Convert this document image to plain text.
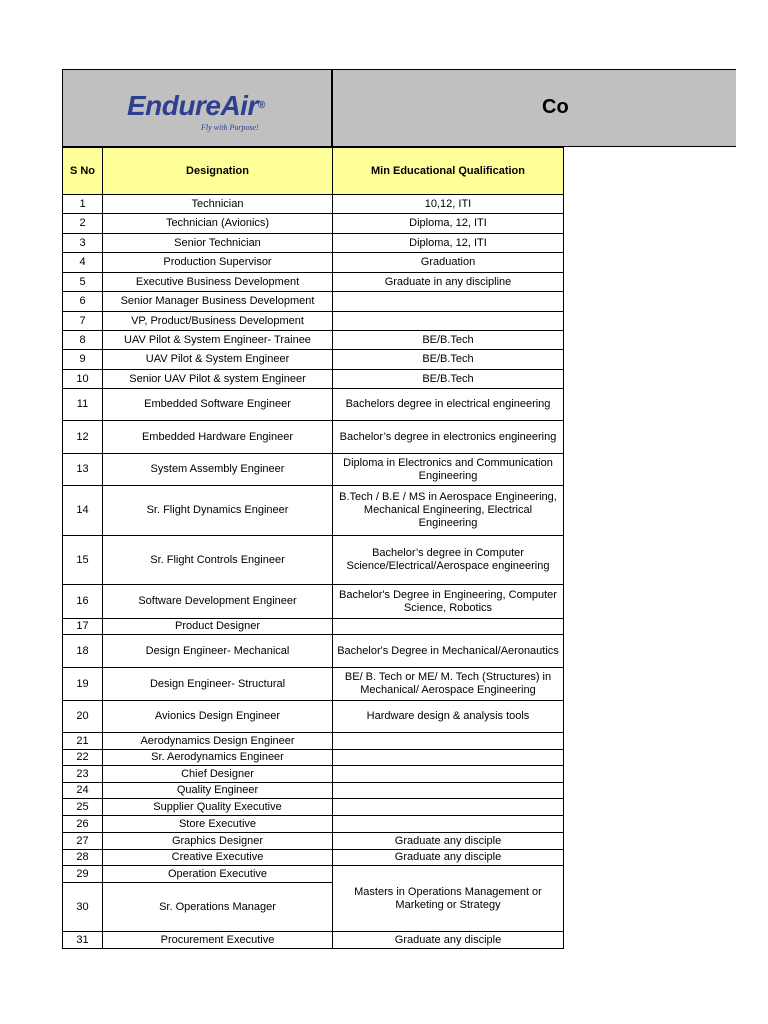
EndureAir®
Fly with Purpose!
Co
S No	Designation	Min Educational Qualification
1	Technician	10,12, ITI
2	Technician (Avionics)	Diploma, 12, ITI
3	Senior Technician	Diploma, 12, ITI
4	Production Supervisor	Graduation
5	Executive Business Development	Graduate in any discipline
6	Senior Manager Business Development	
7	VP, Product/Business Development	
8	UAV Pilot & System Engineer- Trainee	BE/B.Tech
9	UAV Pilot & System Engineer	BE/B.Tech
10	Senior UAV Pilot & system Engineer	BE/B.Tech
11	Embedded Software Engineer	Bachelors degree in electrical engineering
12	Embedded Hardware Engineer	Bachelor’s degree in electronics engineering
13	System Assembly Engineer	Diploma in Electronics and Communication Engineering
14	Sr. Flight Dynamics Engineer	B.Tech / B.E / MS in Aerospace Engineering, Mechanical Engineering, Electrical Engineering
15	Sr. Flight Controls Engineer	Bachelor’s degree in Computer Science/Electrical/Aerospace engineering
16	Software Development Engineer	Bachelor's Degree in Engineering, Computer Science, Robotics
17	Product Designer	
18	Design Engineer- Mechanical	Bachelor's Degree in Mechanical/Aeronautics
19	Design Engineer- Structural	BE/ B. Tech or ME/ M. Tech (Structures) in Mechanical/ Aerospace Engineering
20	Avionics Design Engineer	Hardware design & analysis tools
21	Aerodynamics Design Engineer	
22	Sr. Aerodynamics Engineer	
23	Chief Designer	
24	Quality Engineer	
25	Supplier Quality Executive	
26	Store Executive	
27	Graphics Designer	Graduate any disciple
28	Creative Executive	Graduate any disciple
29	Operation Executive	Masters in Operations Management or Marketing or Strategy
30	Sr. Operations Manager	
31	Procurement Executive	Graduate any disciple
